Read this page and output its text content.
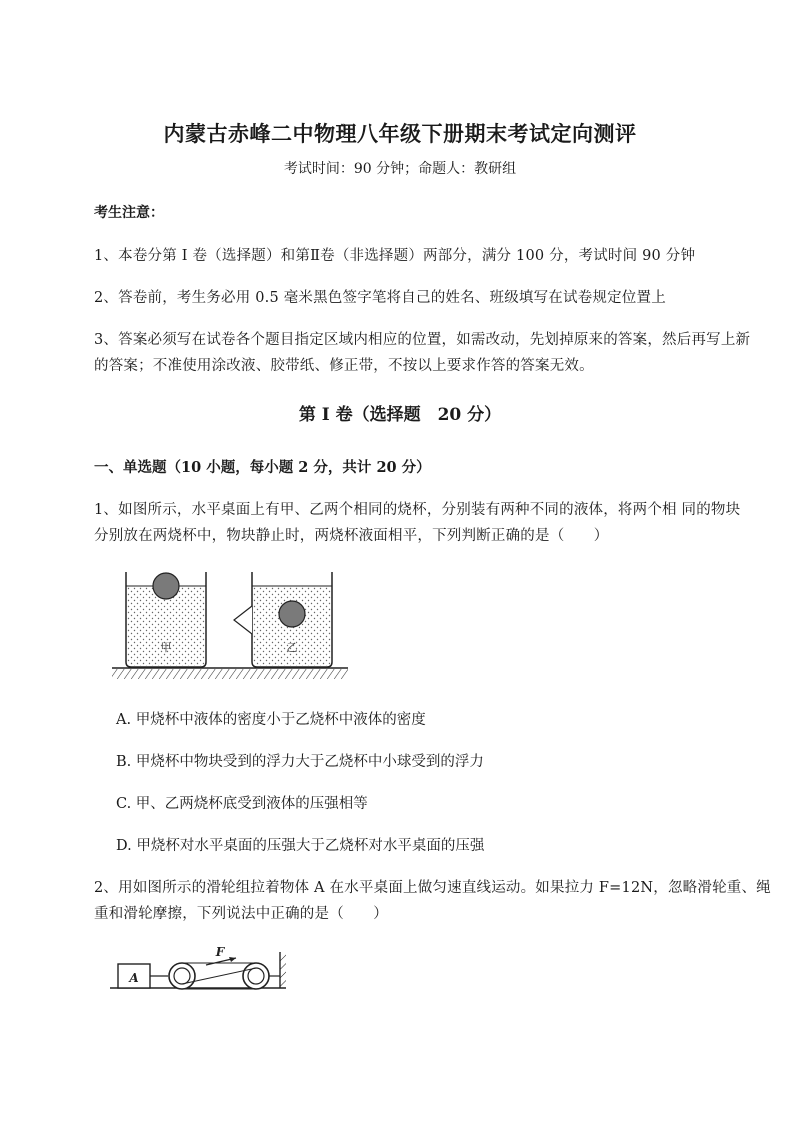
内蒙古赤峰二中物理八年级下册期末考试定向测评
考试时间：90 分钟；命题人：教研组
考生注意：
1、本卷分第 I 卷（选择题）和第Ⅱ卷（非选择题）两部分，满分 100 分，考试时间 90 分钟
2、答卷前，考生务必用 0.5 毫米黑色签字笔将自己的姓名、班级填写在试卷规定位置上
3、答案必须写在试卷各个题目指定区域内相应的位置，如需改动，先划掉原来的答案，然后再写上新
的答案；不准使用涂改液、胶带纸、修正带，不按以上要求作答的答案无效。
第 I 卷（选择题　20 分）
一、单选题（10 小题，每小题 2 分，共计 20 分）
1、如图所示，水平桌面上有甲、乙两个相同的烧杯，分别装有两种不同的液体，将两个相 同的物块
分别放在两烧杯中，物块静止时，两烧杯液面相平，下列判断正确的是（　　）
甲	乙
A. 甲烧杯中液体的密度小于乙烧杯中液体的密度
B. 甲烧杯中物块受到的浮力大于乙烧杯中小球受到的浮力
C. 甲、乙两烧杯底受到液体的压强相等
D. 甲烧杯对水平桌面的压强大于乙烧杯对水平桌面的压强
2、用如图所示的滑轮组拉着物体 A 在水平桌面上做匀速直线运动。如果拉力 F=12N，忽略滑轮重、绳
重和滑轮摩擦，下列说法中正确的是（　　）
A
F
